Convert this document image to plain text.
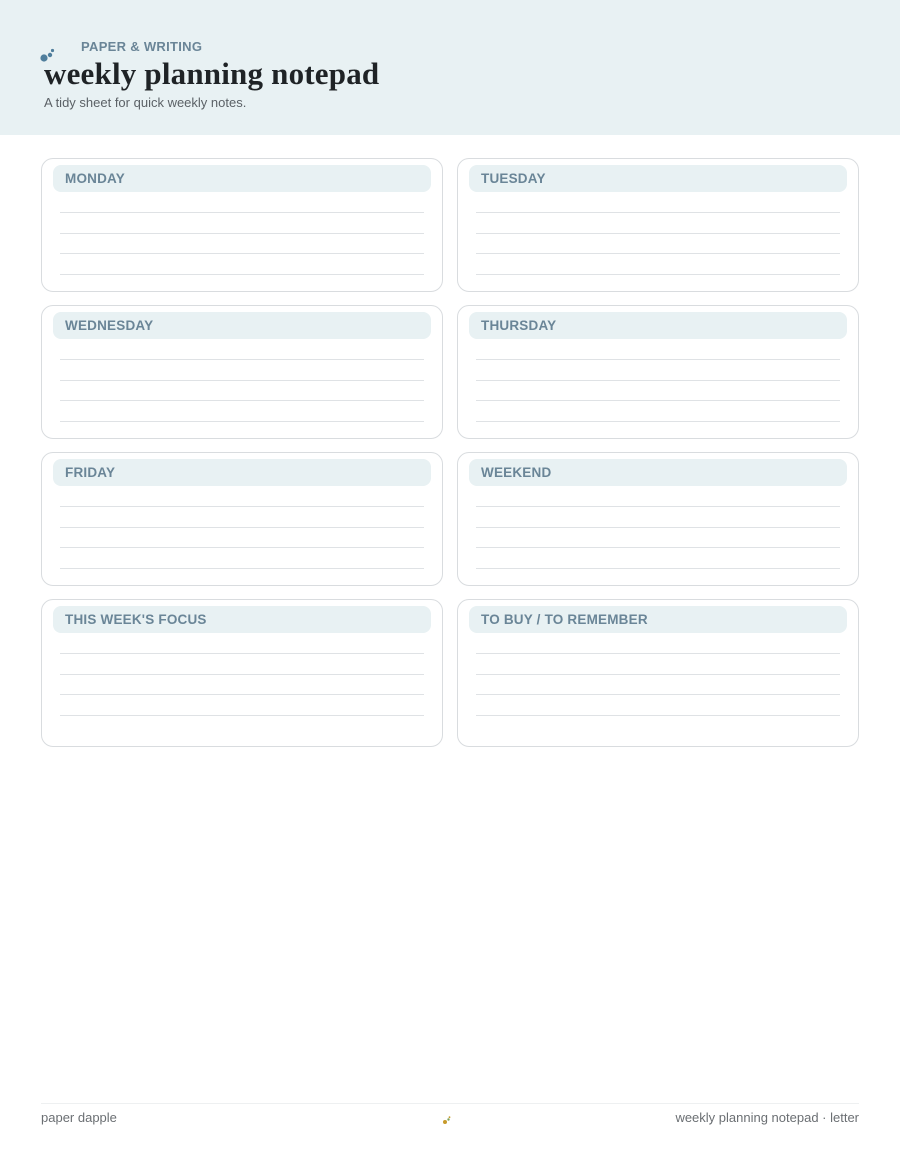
PAPER & WRITING
weekly planning notepad
A tidy sheet for quick weekly notes.
MONDAY	TUESDAY
WEDNESDAY	THURSDAY
FRIDAY	WEEKEND
THIS WEEK'S FOCUS	TO BUY / TO REMEMBER
paper dapple	weekly planning notepad · letter
